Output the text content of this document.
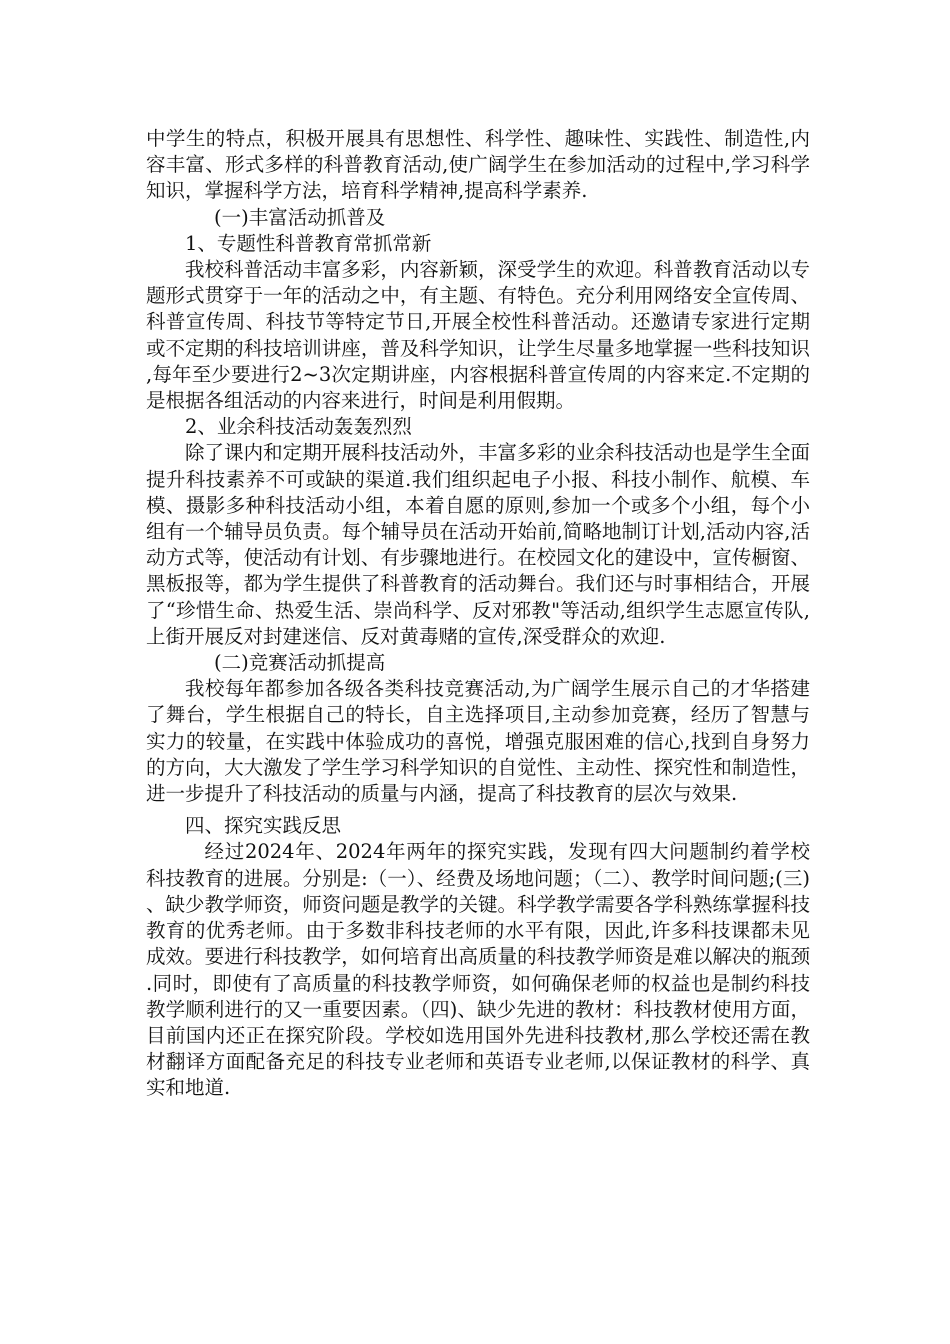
中学生的特点，积极开展具有思想性、科学性、趣味性、实践性、制造性,内容丰富、形式多样的科普教育活动,使广阔学生在参加活动的过程中,学习科学知识，掌握科学方法，培育科学精神,提高科学素养.

(一)丰富活动抓普及

1、专题性科普教育常抓常新

我校科普活动丰富多彩，内容新颖，深受学生的欢迎。科普教育活动以专题形式贯穿于一年的活动之中，有主题、有特色。充分利用网络安全宣传周、科普宣传周、科技节等特定节日,开展全校性科普活动。还邀请专家进行定期或不定期的科技培训讲座，普及科学知识，让学生尽量多地掌握一些科技知识,每年至少要进行2~3次定期讲座，内容根据科普宣传周的内容来定.不定期的是根据各组活动的内容来进行，时间是利用假期。

2、业余科技活动轰轰烈烈

除了课内和定期开展科技活动外，丰富多彩的业余科技活动也是学生全面提升科技素养不可或缺的渠道.我们组织起电子小报、科技小制作、航模、车模、摄影多种科技活动小组，本着自愿的原则,参加一个或多个小组，每个小组有一个辅导员负责。每个辅导员在活动开始前,简略地制订计划,活动内容,活动方式等，使活动有计划、有步骤地进行。在校园文化的建设中，宣传橱窗、黑板报等，都为学生提供了科普教育的活动舞台。我们还与时事相结合，开展了“珍惜生命、热爱生活、崇尚科学、反对邪教"等活动,组织学生志愿宣传队,上街开展反对封建迷信、反对黄毒赌的宣传,深受群众的欢迎.

(二)竞赛活动抓提高

我校每年都参加各级各类科技竞赛活动,为广阔学生展示自己的才华搭建了舞台，学生根据自己的特长，自主选择项目,主动参加竞赛，经历了智慧与实力的较量，在实践中体验成功的喜悦，增强克服困难的信心,找到自身努力的方向，大大激发了学生学习科学知识的自觉性、主动性、探究性和制造性，进一步提升了科技活动的质量与内涵，提高了科技教育的层次与效果.

四、探究实践反思

经过2024年、2024年两年的探究实践，发现有四大问题制约着学校科技教育的进展。分别是:（一）、经费及场地问题；（二）、教学时间问题;(三)、缺少教学师资，师资问题是教学的关键。科学教学需要各学科熟练掌握科技教育的优秀老师。由于多数非科技老师的水平有限，因此,许多科技课都未见成效。要进行科技教学，如何培育出高质量的科技教学师资是难以解决的瓶颈.同时，即使有了高质量的科技教学师资，如何确保老师的权益也是制约科技教学顺利进行的又一重要因素。（四)、缺少先进的教材：科技教材使用方面，目前国内还正在探究阶段。学校如选用国外先进科技教材,那么学校还需在教材翻译方面配备充足的科技专业老师和英语专业老师,以保证教材的科学、真实和地道.
